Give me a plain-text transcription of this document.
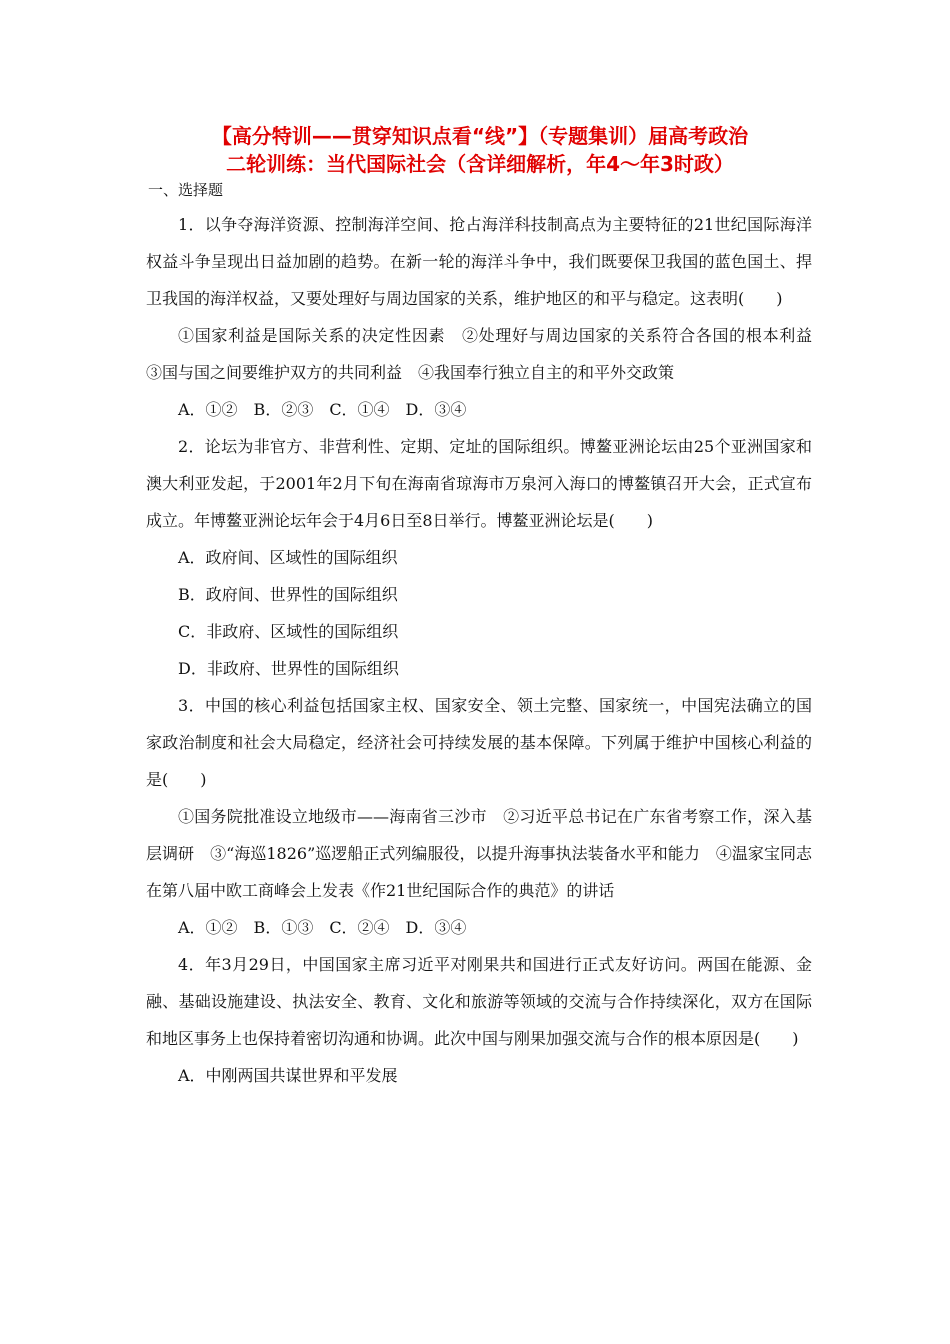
【高分特训——贯穿知识点看“线”】（专题集训）届高考政治
二轮训练：当代国际社会（含详细解析，年4～年3时政）
一、选择题

1．以争夺海洋资源、控制海洋空间、抢占海洋科技制高点为主要特征的21世纪国际海洋权益斗争呈现出日益加剧的趋势。在新一轮的海洋斗争中，我们既要保卫我国的蓝色国土、捍卫我国的海洋权益，又要处理好与周边国家的关系，维护地区的和平与稳定。这表明(　　)

①国家利益是国际关系的决定性因素　②处理好与周边国家的关系符合各国的根本利益　③国与国之间要维护双方的共同利益　④我国奉行独立自主的和平外交政策

A．①②　B．②③　C．①④　D．③④

2．论坛为非官方、非营利性、定期、定址的国际组织。博鳌亚洲论坛由25个亚洲国家和澳大利亚发起，于2001年2月下旬在海南省琼海市万泉河入海口的博鳌镇召开大会，正式宣布成立。年博鳌亚洲论坛年会于4月6日至8日举行。博鳌亚洲论坛是(　　)

A．政府间、区域性的国际组织

B．政府间、世界性的国际组织

C．非政府、区域性的国际组织

D．非政府、世界性的国际组织

3．中国的核心利益包括国家主权、国家安全、领土完整、国家统一，中国宪法确立的国家政治制度和社会大局稳定，经济社会可持续发展的基本保障。下列属于维护中国核心利益的是(　　)

①国务院批准设立地级市——海南省三沙市　②习近平总书记在广东省考察工作，深入基层调研　③“海巡1826”巡逻船正式列编服役，以提升海事执法装备水平和能力　④温家宝同志在第八届中欧工商峰会上发表《作21世纪国际合作的典范》的讲话

A．①②　B．①③　C．②④　D．③④

4．年3月29日，中国国家主席习近平对刚果共和国进行正式友好访问。两国在能源、金融、基础设施建设、执法安全、教育、文化和旅游等领域的交流与合作持续深化，双方在国际和地区事务上也保持着密切沟通和协调。此次中国与刚果加强交流与合作的根本原因是(　　)

A．中刚两国共谋世界和平发展
